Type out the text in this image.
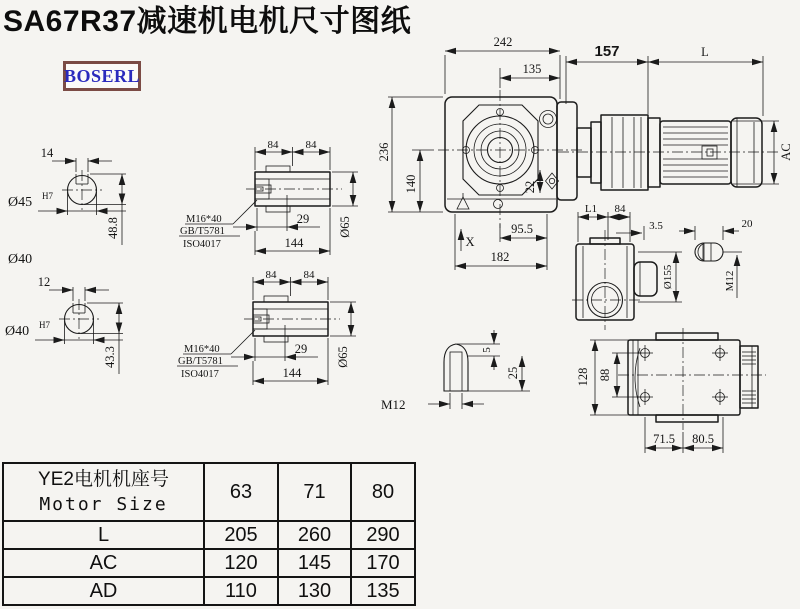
SA67R37减速机电机尺寸图纸
BOSERL
14
Ø45 H7
48.8
Ø40
12
Ø40 H7
43.3
84 84
29
144
Ø65
M16*40
GB/T5781
ISO4017
84 84
29
144
Ø65
M16*40
GB/T5781
ISO4017
242
135
236
140	22
95.5
182
X
157	L
AC
L1 84
3.5
Ø155
20
M12
M12
5
25	128 88
71.5 80.5
YE2电机机座号
Motor Size	63	71	80
L	205	260	290
AC	120	145	170
AD	110	130	135
